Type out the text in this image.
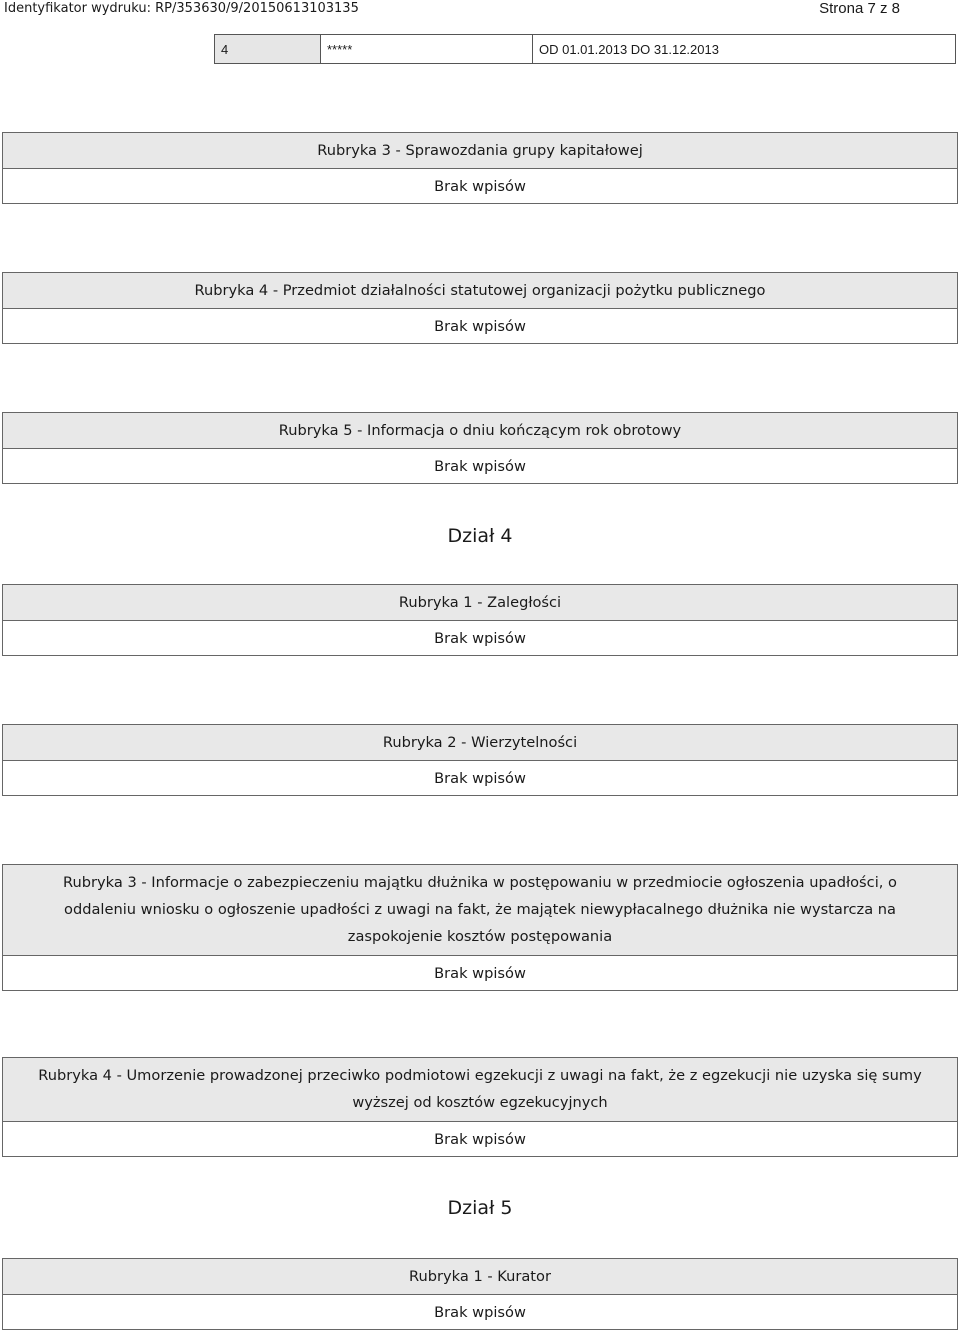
Identyfikator wydruku: RP/353630/9/20150613103135	Strona 7 z 8
4	*****	OD 01.01.2013 DO 31.12.2013
Rubryka 3 - Sprawozdania grupy kapitałowej
Brak wpisów
Rubryka 4 - Przedmiot działalności statutowej organizacji pożytku publicznego
Brak wpisów
Rubryka 5 - Informacja o dniu kończącym rok obrotowy
Brak wpisów
Dział 4
Rubryka 1 - Zaległości
Brak wpisów
Rubryka 2 - Wierzytelności
Brak wpisów
Rubryka 3 - Informacje o zabezpieczeniu majątku dłużnika w postępowaniu w przedmiocie ogłoszenia upadłości, o oddaleniu wniosku o ogłoszenie upadłości z uwagi na fakt, że majątek niewypłacalnego dłużnika nie wystarcza na zaspokojenie kosztów postępowania
Brak wpisów
Rubryka 4 - Umorzenie prowadzonej przeciwko podmiotowi egzekucji z uwagi na fakt, że z egzekucji nie uzyska się sumy wyższej od kosztów egzekucyjnych
Brak wpisów
Dział 5
Rubryka 1 - Kurator
Brak wpisów
